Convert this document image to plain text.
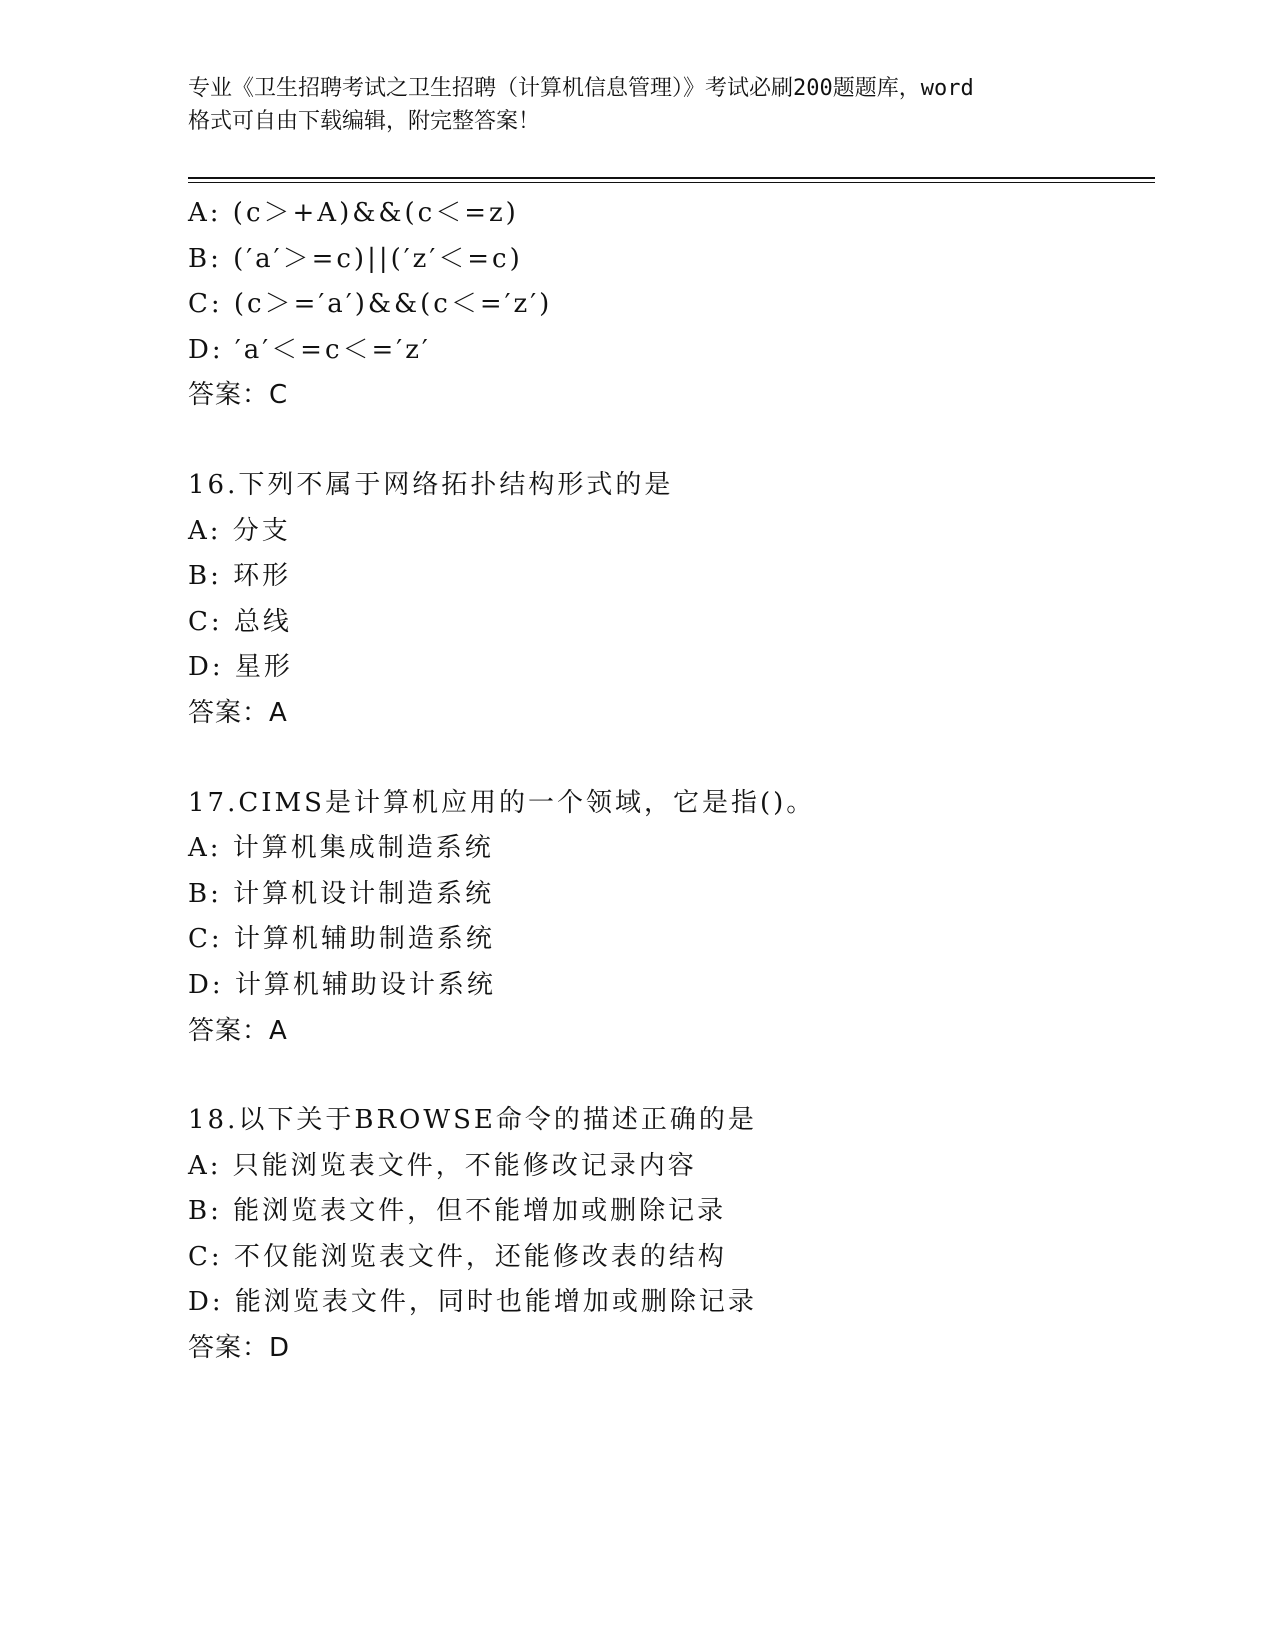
专业《卫生招聘考试之卫生招聘（计算机信息管理）》考试必刷200题题库，word
格式可自由下载编辑，附完整答案！
A: (c＞+A)&&(c＜=z)
B: (′a′＞=c)||(′z′＜=c)
C: (c＞=′a′)&&(c＜=′z′)
D: ′a′＜=c＜=′z′
答案：C
16.下列不属于网络拓扑结构形式的是
A: 分支
B: 环形
C: 总线
D: 星形
答案：A
17.CIMS是计算机应用的一个领域，它是指()。
A: 计算机集成制造系统
B: 计算机设计制造系统
C: 计算机辅助制造系统
D: 计算机辅助设计系统
答案：A
18.以下关于BROWSE命令的描述正确的是
A: 只能浏览表文件，不能修改记录内容
B: 能浏览表文件，但不能增加或删除记录
C: 不仅能浏览表文件，还能修改表的结构
D: 能浏览表文件，同时也能增加或删除记录
答案：D
